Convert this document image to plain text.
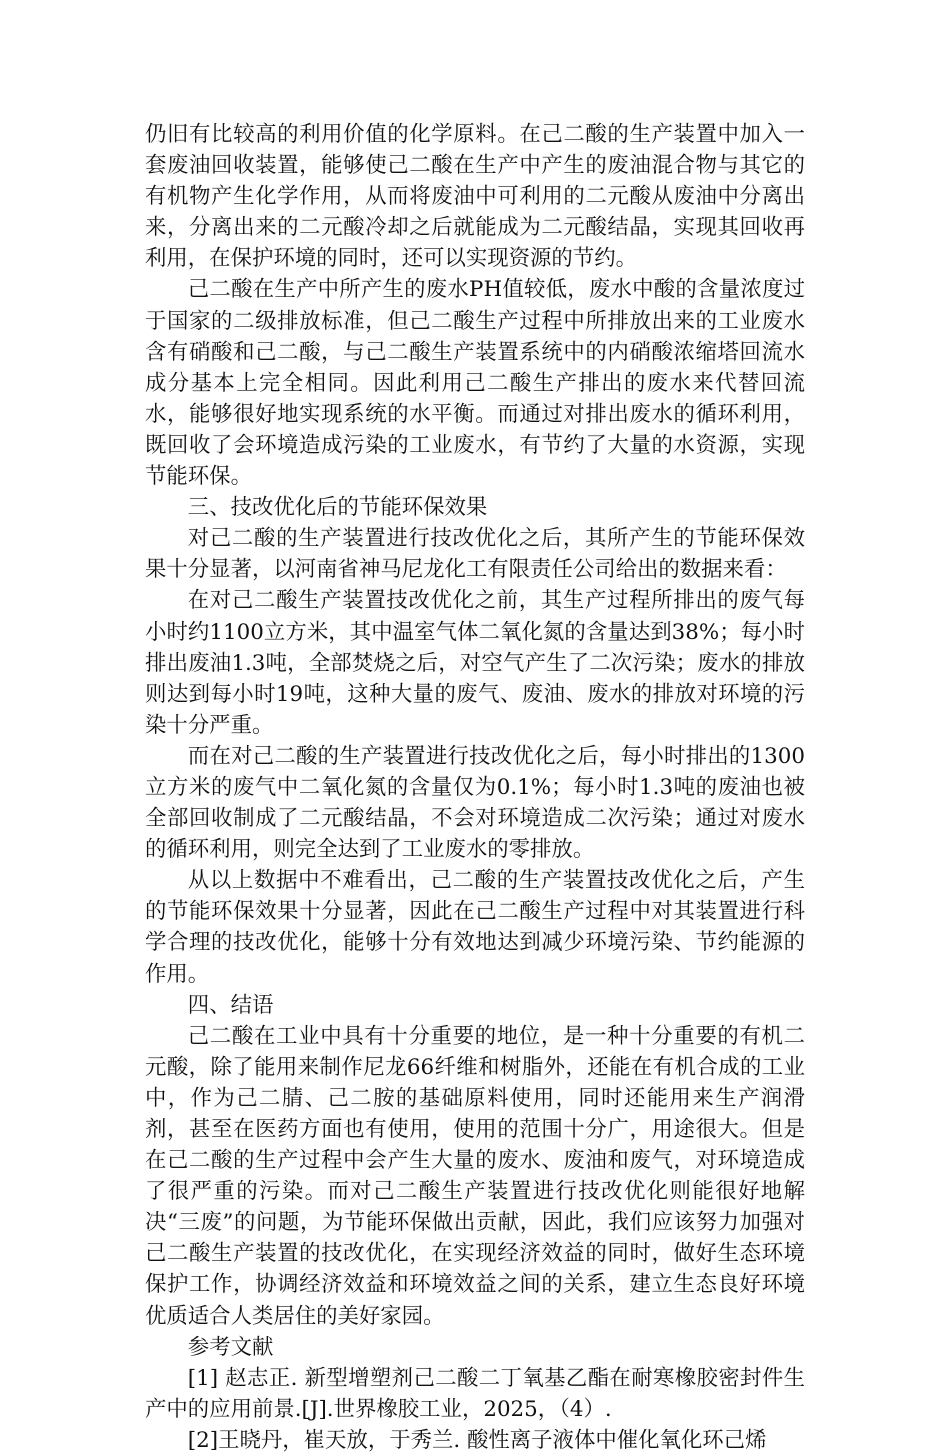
仍旧有比较高的利用价值的化学原料。在己二酸的生产装置中加入一套废油回收装置，能够使己二酸在生产中产生的废油混合物与其它的有机物产生化学作用，从而将废油中可利用的二元酸从废油中分离出来，分离出来的二元酸冷却之后就能成为二元酸结晶，实现其回收再利用，在保护环境的同时，还可以实现资源的节约。

己二酸在生产中所产生的废水PH值较低，废水中酸的含量浓度过于国家的二级排放标准，但己二酸生产过程中所排放出来的工业废水含有硝酸和己二酸，与己二酸生产装置系统中的内硝酸浓缩塔回流水成分基本上完全相同。因此利用己二酸生产排出的废水来代替回流水，能够很好地实现系统的水平衡。而通过对排出废水的循环利用，既回收了会环境造成污染的工业废水，有节约了大量的水资源，实现节能环保。

三、技改优化后的节能环保效果

对己二酸的生产装置进行技改优化之后，其所产生的节能环保效果十分显著，以河南省神马尼龙化工有限责任公司给出的数据来看：

在对己二酸生产装置技改优化之前，其生产过程所排出的废气每小时约1100立方米，其中温室气体二氧化氮的含量达到38%；每小时排出废油1.3吨，全部焚烧之后，对空气产生了二次污染；废水的排放则达到每小时19吨，这种大量的废气、废油、废水的排放对环境的污染十分严重。

而在对己二酸的生产装置进行技改优化之后，每小时排出的1300立方米的废气中二氧化氮的含量仅为0.1%；每小时1.3吨的废油也被全部回收制成了二元酸结晶，不会对环境造成二次污染；通过对废水的循环利用，则完全达到了工业废水的零排放。

从以上数据中不难看出，己二酸的生产装置技改优化之后，产生的节能环保效果十分显著，因此在己二酸生产过程中对其装置进行科学合理的技改优化，能够十分有效地达到减少环境污染、节约能源的作用。

四、结语

己二酸在工业中具有十分重要的地位，是一种十分重要的有机二元酸，除了能用来制作尼龙66纤维和树脂外，还能在有机合成的工业中，作为己二腈、己二胺的基础原料使用，同时还能用来生产润滑剂，甚至在医药方面也有使用，使用的范围十分广，用途很大。但是在己二酸的生产过程中会产生大量的废水、废油和废气，对环境造成了很严重的污染。而对己二酸生产装置进行技改优化则能很好地解决“三废”的问题，为节能环保做出贡献，因此，我们应该努力加强对己二酸生产装置的技改优化，在实现经济效益的同时，做好生态环境保护工作，协调经济效益和环境效益之间的关系，建立生态良好环境优质适合人类居住的美好家园。

参考文献

[1] 赵志正. 新型增塑剂己二酸二丁氧基乙酯在耐寒橡胶密封件生产中的应用前景.[J].世界橡胶工业，2025，（4）.

[2]王晓丹，崔天放，于秀兰. 酸性离子液体中催化氧化环己烯
